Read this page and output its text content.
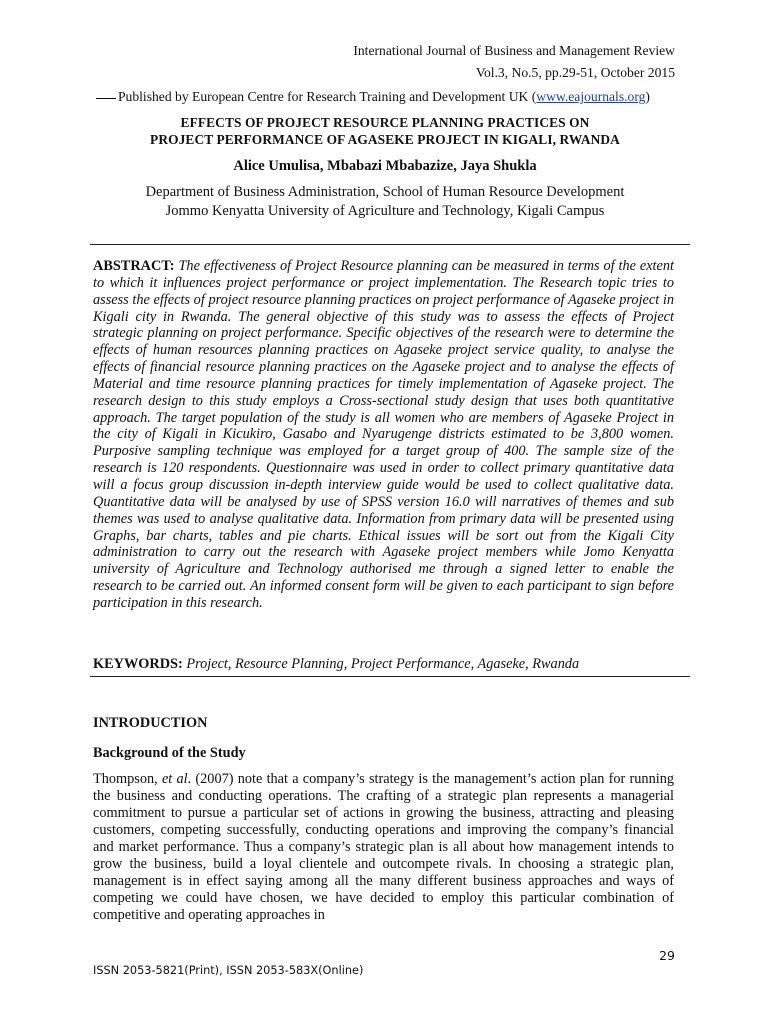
International Journal of Business and Management Review
Vol.3, No.5, pp.29-51, October 2015
Published by European Centre for Research Training and Development UK (www.eajournals.org)
EFFECTS OF PROJECT RESOURCE PLANNING PRACTICES ON
PROJECT PERFORMANCE OF AGASEKE PROJECT IN KIGALI, RWANDA
Alice Umulisa, Mbabazi Mbabazize, Jaya Shukla
Department of Business Administration, School of Human Resource Development
Jommo Kenyatta University of Agriculture and Technology, Kigali Campus
ABSTRACT: The effectiveness of Project Resource planning can be measured in terms of the extent to which it influences project performance or project implementation. The Research topic tries to assess the effects of project resource planning practices on project performance of Agaseke project in Kigali city in Rwanda. The general objective of this study was to assess the effects of Project strategic planning on project performance. Specific objectives of the research were to determine the effects of human resources planning practices on Agaseke project service quality, to analyse the effects of financial resource planning practices on the Agaseke project and to analyse the effects of Material and time resource planning practices for timely implementation of Agaseke project. The research design to this study employs a Cross-sectional study design that uses both quantitative approach. The target population of the study is all women who are members of Agaseke Project in the city of Kigali in Kicukiro, Gasabo and Nyarugenge districts estimated to be 3,800 women. Purposive sampling technique was employed for a target group of 400. The sample size of the research is 120 respondents. Questionnaire was used in order to collect primary quantitative data will a focus group discussion in-depth interview guide would be used to collect qualitative data. Quantitative data will be analysed by use of SPSS version 16.0 will narratives of themes and sub themes was used to analyse qualitative data. Information from primary data will be presented using Graphs, bar charts, tables and pie charts. Ethical issues will be sort out from the Kigali City administration to carry out the research with Agaseke project members while Jomo Kenyatta university of Agriculture and Technology authorised me through a signed letter to enable the research to be carried out. An informed consent form will be given to each participant to sign before participation in this research.
KEYWORDS: Project, Resource Planning, Project Performance, Agaseke, Rwanda
INTRODUCTION
Background of the Study
Thompson, et al. (2007) note that a company’s strategy is the management’s action plan for running the business and conducting operations. The crafting of a strategic plan represents a managerial commitment to pursue a particular set of actions in growing the business, attracting and pleasing customers, competing successfully, conducting operations and improving the company’s financial and market performance. Thus a company’s strategic plan is all about how management intends to grow the business, build a loyal clientele and outcompete rivals. In choosing a strategic plan, management is in effect saying among all the many different business approaches and ways of competing we could have chosen, we have decided to employ this particular combination of competitive and operating approaches in
29
ISSN 2053-5821(Print), ISSN 2053-583X(Online)
